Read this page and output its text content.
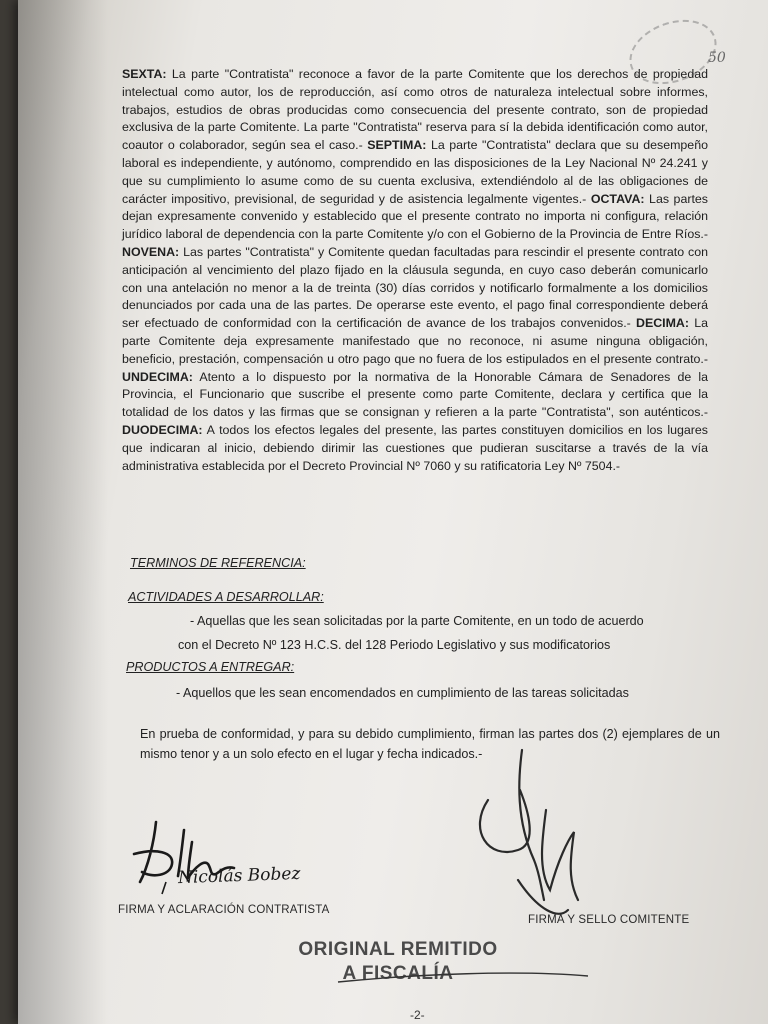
50
SEXTA: La parte "Contratista" reconoce a favor de la parte Comitente que los derechos de propiedad intelectual como autor, los de reproducción, así como otros de naturaleza intelectual sobre informes, trabajos, estudios de obras producidas como consecuencia del presente contrato, son de propiedad exclusiva de la parte Comitente. La parte "Contratista" reserva para sí la debida identificación como autor, coautor o colaborador, según sea el caso.- SEPTIMA: La parte "Contratista" declara que su desempeño laboral es independiente, y autónomo, comprendido en las disposiciones de la Ley Nacional Nº 24.241 y que su cumplimiento lo asume como de su cuenta exclusiva, extendiéndolo al de las obligaciones de carácter impositivo, previsional, de seguridad y de asistencia legalmente vigentes.- OCTAVA: Las partes dejan expresamente convenido y establecido que el presente contrato no importa ni configura, relación jurídico laboral de dependencia con la parte Comitente y/o con el Gobierno de la Provincia de Entre Ríos.- NOVENA: Las partes "Contratista" y Comitente quedan facultadas para rescindir el presente contrato con anticipación al vencimiento del plazo fijado en la cláusula segunda, en cuyo caso deberán comunicarlo con una antelación no menor a la de treinta (30) días corridos y notificarlo formalmente a los domicilios denunciados por cada una de las partes. De operarse este evento, el pago final correspondiente deberá ser efectuado de conformidad con la certificación de avance de los trabajos convenidos.- DECIMA: La parte Comitente deja expresamente manifestado que no reconoce, ni asume ninguna obligación, beneficio, prestación, compensación u otro pago que no fuera de los estipulados en el presente contrato.- UNDECIMA: Atento a lo dispuesto por la normativa de la Honorable Cámara de Senadores de la Provincia, el Funcionario que suscribe el presente como parte Comitente, declara y certifica que la totalidad de los datos y las firmas que se consignan y refieren a la parte "Contratista", son auténticos.- DUODECIMA: A todos los efectos legales del presente, las partes constituyen domicilios en los lugares que indicaran al inicio, debiendo dirimir las cuestiones que pudieran suscitarse a través de la vía administrativa establecida por el Decreto Provincial Nº 7060 y su ratificatoria Ley Nº 7504.-
TERMINOS DE REFERENCIA:
ACTIVIDADES A DESARROLLAR:
- Aquellas que les sean solicitadas por la parte Comitente, en un todo de acuerdo
con el Decreto Nº 123 H.C.S. del 128 Periodo Legislativo y sus modificatorios
PRODUCTOS A ENTREGAR:
- Aquellos que les sean encomendados en cumplimiento de las tareas solicitadas
En prueba de conformidad, y para su debido cumplimiento, firman las partes dos (2) ejemplares de un mismo tenor y a un solo efecto en el lugar y fecha indicados.-
Nicolás Bobez
FIRMA Y ACLARACIÓN CONTRATISTA
FIRMA Y SELLO COMITENTE
ORIGINAL REMITIDO
A FISCALÍA
-2-
